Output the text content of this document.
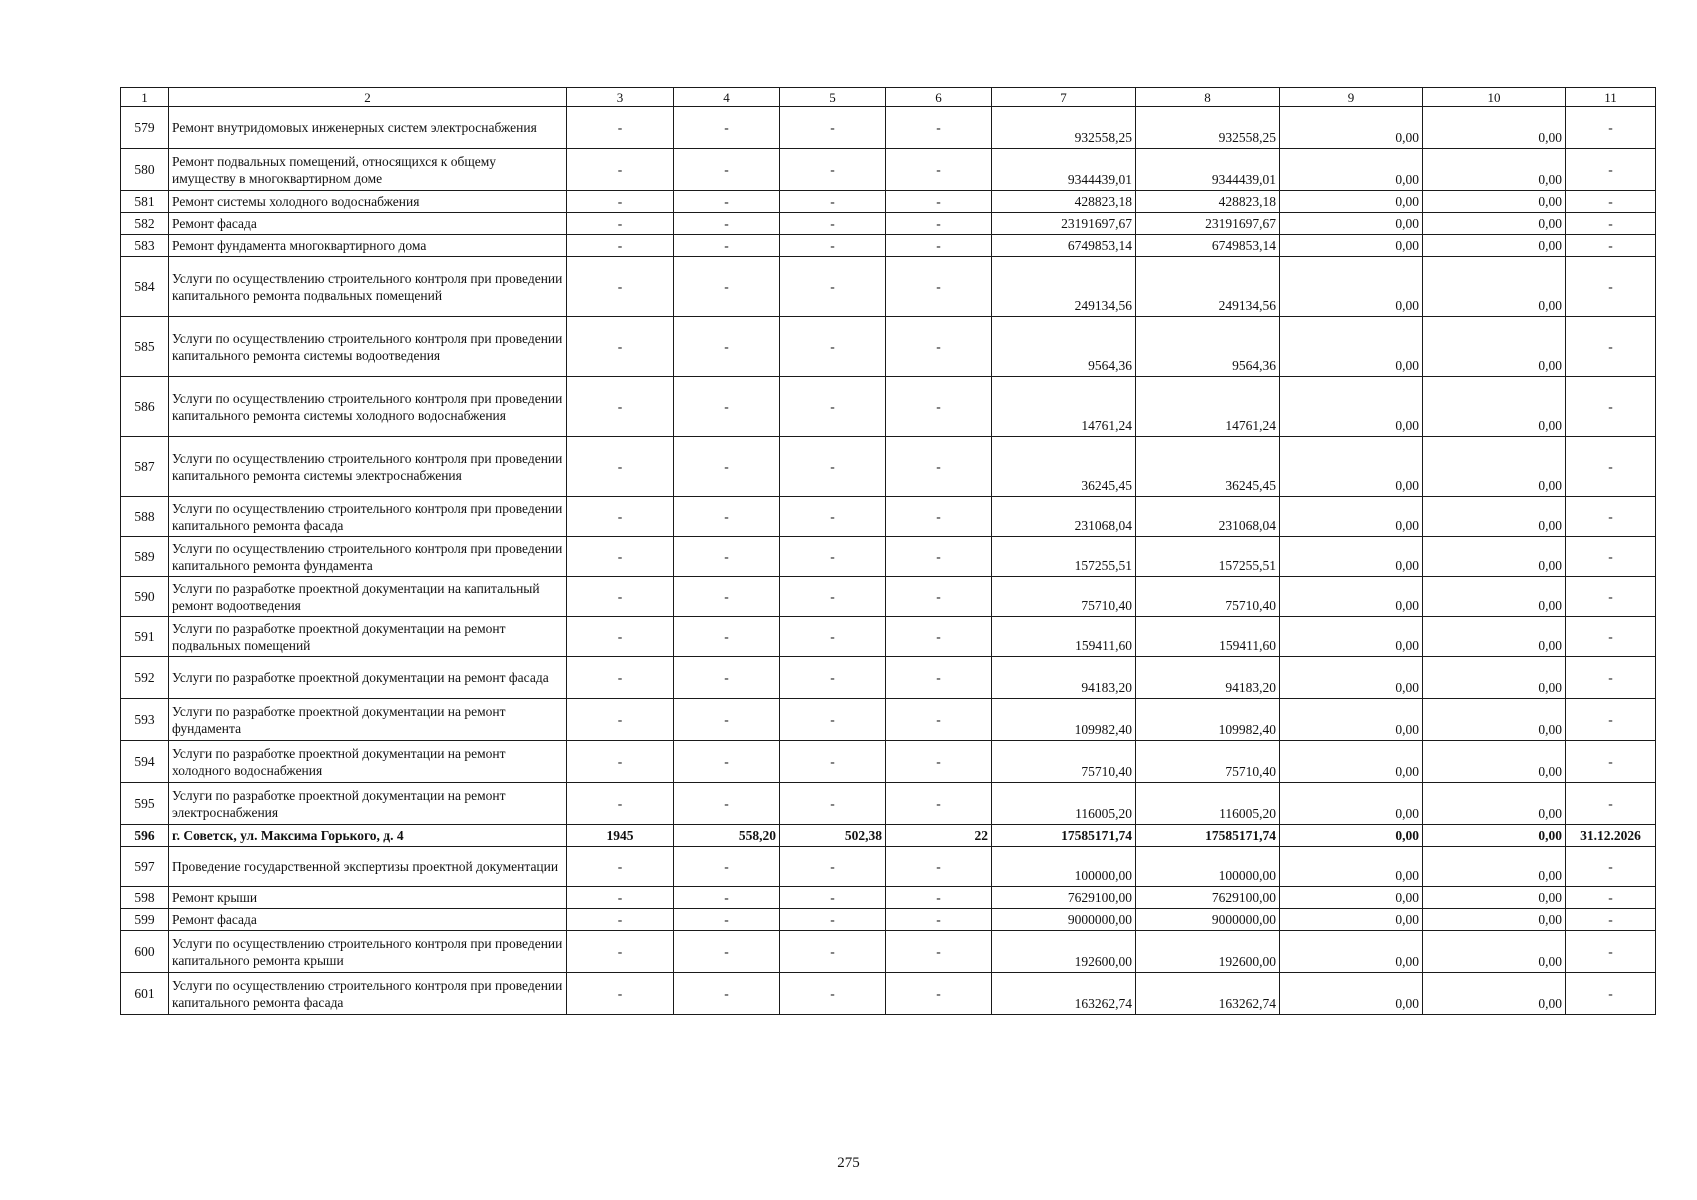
1	2	3	4	5	6	7	8	9	10	11
579	Ремонт внутридомовых инженерных систем электроснабжения	-	-	-	-	932558,25	932558,25	0,00	0,00	-
580	Ремонт подвальных помещений, относящихся к общему имуществу в многоквартирном доме	-	-	-	-	9344439,01	9344439,01	0,00	0,00	-
581	Ремонт системы холодного водоснабжения	-	-	-	-	428823,18	428823,18	0,00	0,00	-
582	Ремонт фасада	-	-	-	-	23191697,67	23191697,67	0,00	0,00	-
583	Ремонт фундамента многоквартирного дома	-	-	-	-	6749853,14	6749853,14	0,00	0,00	-
584	Услуги по осуществлению строительного контроля при проведении капитального ремонта подвальных помещений	-	-	-	-	249134,56	249134,56	0,00	0,00	-
585	Услуги по осуществлению строительного контроля при проведении капитального ремонта системы водоотведения	-	-	-	-	9564,36	9564,36	0,00	0,00	-
586	Услуги по осуществлению строительного контроля при проведении капитального ремонта системы холодного водоснабжения	-	-	-	-	14761,24	14761,24	0,00	0,00	-
587	Услуги по осуществлению строительного контроля при проведении капитального ремонта системы электроснабжения	-	-	-	-	36245,45	36245,45	0,00	0,00	-
588	Услуги по осуществлению строительного контроля при проведении капитального ремонта фасада	-	-	-	-	231068,04	231068,04	0,00	0,00	-
589	Услуги по осуществлению строительного контроля при проведении капитального ремонта фундамента	-	-	-	-	157255,51	157255,51	0,00	0,00	-
590	Услуги по разработке проектной документации на капитальный ремонт водоотведения	-	-	-	-	75710,40	75710,40	0,00	0,00	-
591	Услуги по разработке проектной документации на ремонт подвальных помещений	-	-	-	-	159411,60	159411,60	0,00	0,00	-
592	Услуги по разработке проектной документации на ремонт фасада	-	-	-	-	94183,20	94183,20	0,00	0,00	-
593	Услуги по разработке проектной документации на ремонт фундамента	-	-	-	-	109982,40	109982,40	0,00	0,00	-
594	Услуги по разработке проектной документации на ремонт холодного водоснабжения	-	-	-	-	75710,40	75710,40	0,00	0,00	-
595	Услуги по разработке проектной документации на ремонт электроснабжения	-	-	-	-	116005,20	116005,20	0,00	0,00	-
596	г. Советск, ул. Максима Горького, д. 4	1945	558,20	502,38	22	17585171,74	17585171,74	0,00	0,00	31.12.2026
597	Проведение государственной экспертизы проектной документации	-	-	-	-	100000,00	100000,00	0,00	0,00	-
598	Ремонт крыши	-	-	-	-	7629100,00	7629100,00	0,00	0,00	-
599	Ремонт фасада	-	-	-	-	9000000,00	9000000,00	0,00	0,00	-
600	Услуги по осуществлению строительного контроля при проведении капитального ремонта крыши	-	-	-	-	192600,00	192600,00	0,00	0,00	-
601	Услуги по осуществлению строительного контроля при проведении капитального ремонта фасада	-	-	-	-	163262,74	163262,74	0,00	0,00	-
275
